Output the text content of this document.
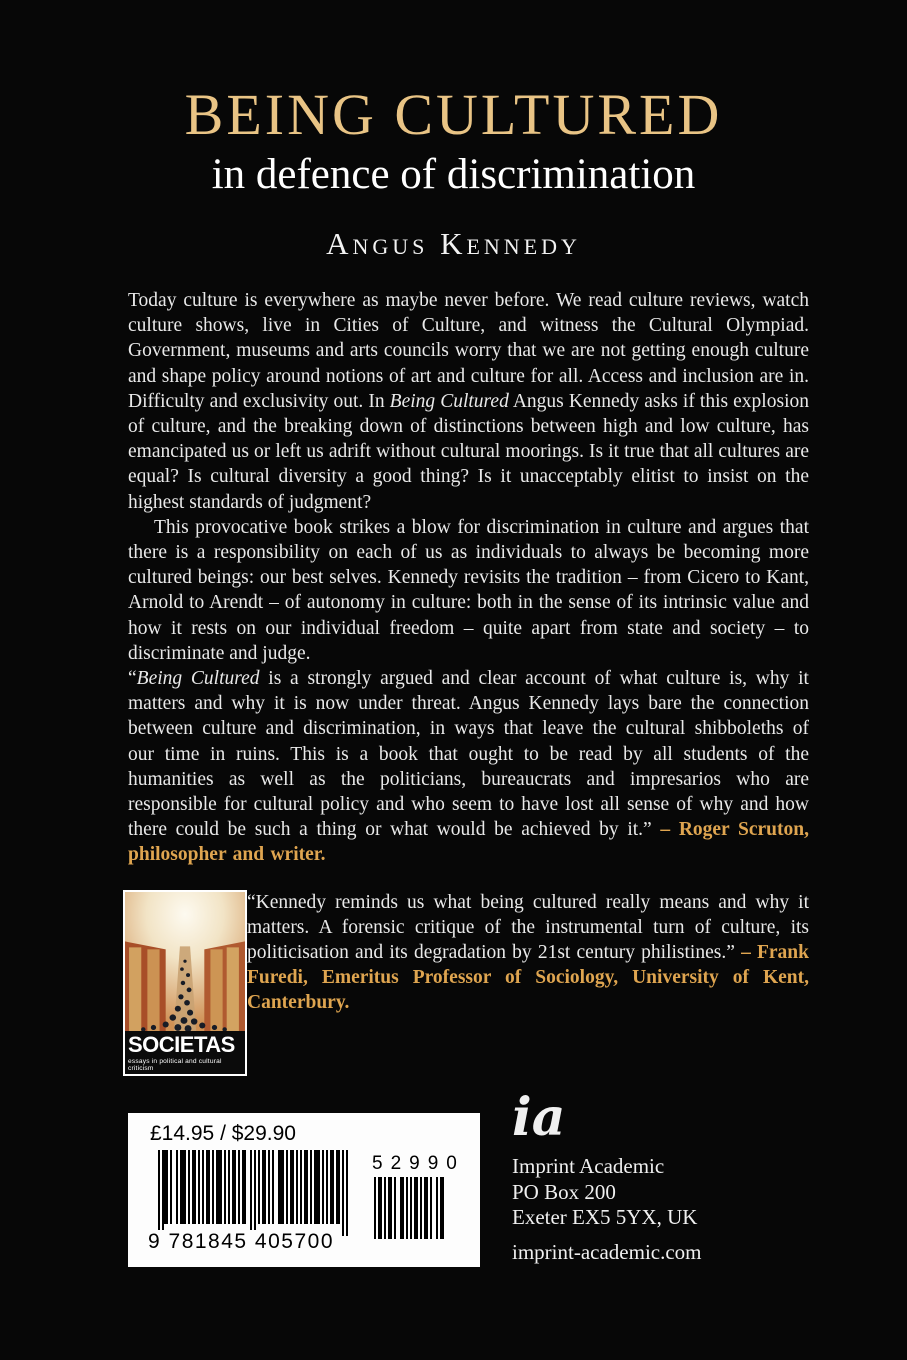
BEING CULTURED
in defence of discrimination
Angus Kennedy

Today culture is everywhere as maybe never before. We read culture reviews, watch culture shows, live in Cities of Culture, and witness the Cultural Olympiad. Government, museums and arts councils worry that we are not getting enough culture and shape policy around notions of art and culture for all. Access and inclusion are in. Difficulty and exclusivity out. In Being Cultured Angus Kennedy asks if this explosion of culture, and the breaking down of distinctions between high and low culture, has emancipated us or left us adrift without cultural moorings. Is it true that all cultures are equal? Is cultural diversity a good thing? Is it unacceptably elitist to insist on the highest standards of judgment?

This provocative book strikes a blow for discrimination in culture and argues that there is a responsibility on each of us as individuals to always be becoming more cultured beings: our best selves. Kennedy revisits the tradition – from Cicero to Kant, Arnold to Arendt – of autonomy in culture: both in the sense of its intrinsic value and how it rests on our individual freedom – quite apart from state and society – to discriminate and judge.

“Being Cultured is a strongly argued and clear account of what culture is, why it matters and why it is now under threat. Angus Kennedy lays bare the connection between culture and discrimination, in ways that leave the cultural shibboleths of our time in ruins. This is a book that ought to be read by all students of the humanities as well as the politicians, bureaucrats and impresarios who are responsible for cultural policy and who seem to have lost all sense of why and how there could be such a thing or what would be achieved by it.” – Roger Scruton, philosopher and writer.

SOCIETAS
essays in political and cultural criticism

“Kennedy reminds us what being cultured really means and why it matters. A forensic critique of the instrumental turn of culture, its politicisation and its degradation by 21st century philistines.” – Frank Furedi, Emeritus Professor of Sociology, University of Kent, Canterbury.

£14.95 / $29.90
9 781845 405700
52990
ia
Imprint Academic
PO Box 200
Exeter EX5 5YX, UK
imprint-academic.com
